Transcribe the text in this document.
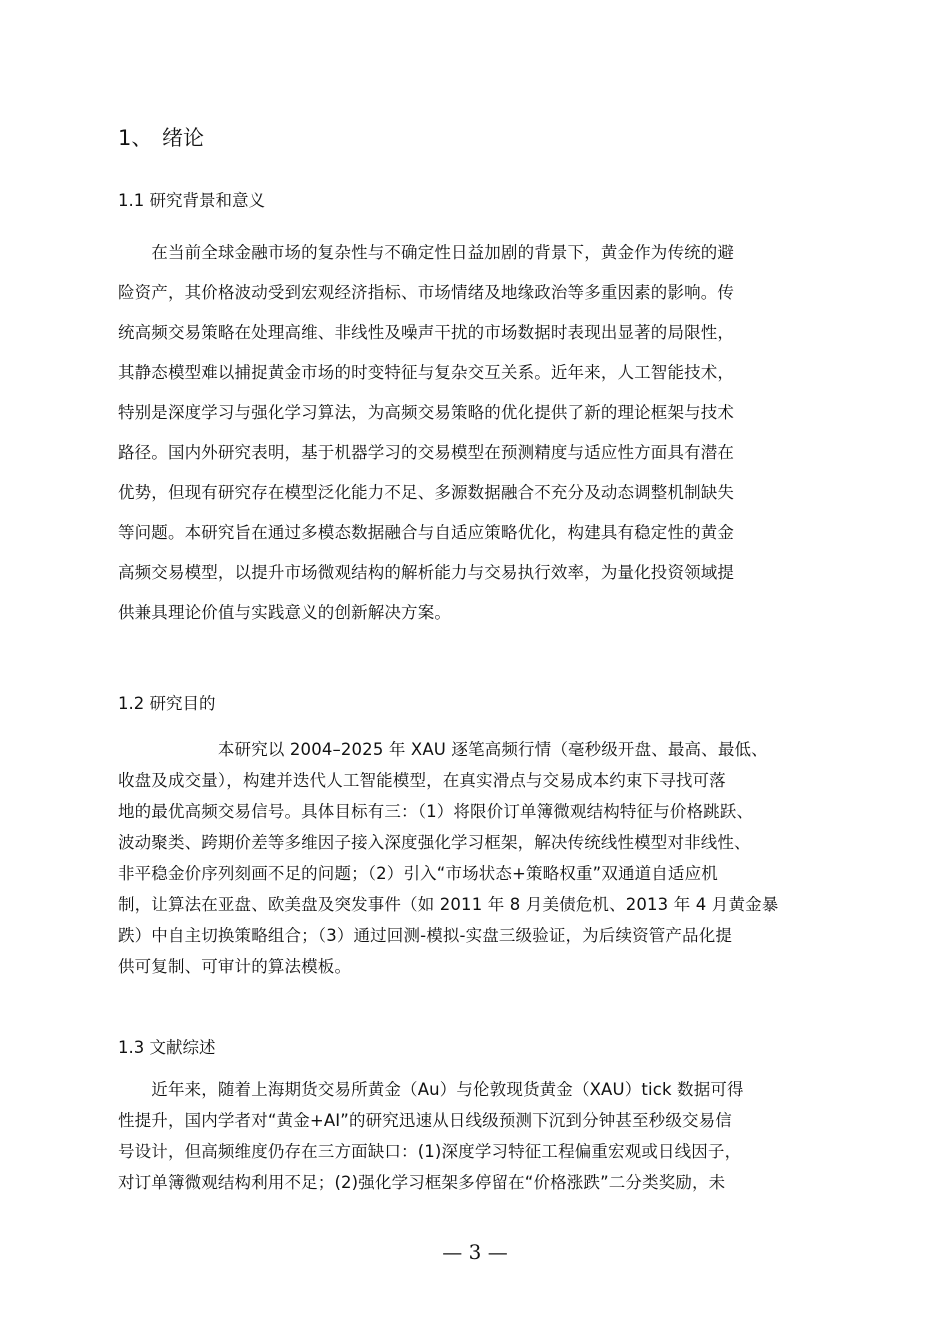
1、 绪论
1.1 研究背景和意义
　　在当前全球金融市场的复杂性与不确定性日益加剧的背景下，黄金作为传统的避
险资产，其价格波动受到宏观经济指标、市场情绪及地缘政治等多重因素的影响。传
统高频交易策略在处理高维、非线性及噪声干扰的市场数据时表现出显著的局限性，
其静态模型难以捕捉黄金市场的时变特征与复杂交互关系。近年来，人工智能技术，
特别是深度学习与强化学习算法，为高频交易策略的优化提供了新的理论框架与技术
路径。国内外研究表明，基于机器学习的交易模型在预测精度与适应性方面具有潜在
优势，但现有研究存在模型泛化能力不足、多源数据融合不充分及动态调整机制缺失
等问题。本研究旨在通过多模态数据融合与自适应策略优化，构建具有稳定性的黄金
高频交易模型，以提升市场微观结构的解析能力与交易执行效率，为量化投资领域提
供兼具理论价值与实践意义的创新解决方案。
1.2 研究目的
　　　　　　本研究以 2004–2025 年 XAU 逐笔高频行情（毫秒级开盘、最高、最低、
收盘及成交量），构建并迭代人工智能模型，在真实滑点与交易成本约束下寻找可落
地的最优高频交易信号。具体目标有三：（1）将限价订单簿微观结构特征与价格跳跃、
波动聚类、跨期价差等多维因子接入深度强化学习框架，解决传统线性模型对非线性、
非平稳金价序列刻画不足的问题；（2）引入“市场状态+策略权重”双通道自适应机
制，让算法在亚盘、欧美盘及突发事件（如 2011 年 8 月美债危机、2013 年 4 月黄金暴
跌）中自主切换策略组合；（3）通过回测-模拟-实盘三级验证，为后续资管产品化提
供可复制、可审计的算法模板。
1.3 文献综述
　　近年来，随着上海期货交易所黄金（Au）与伦敦现货黄金（XAU）tick 数据可得
性提升，国内学者对“黄金+AI”的研究迅速从日线级预测下沉到分钟甚至秒级交易信
号设计，但高频维度仍存在三方面缺口：(1)深度学习特征工程偏重宏观或日线因子，
对订单簿微观结构利用不足；(2)强化学习框架多停留在“价格涨跌”二分类奖励，未
— 3 —
